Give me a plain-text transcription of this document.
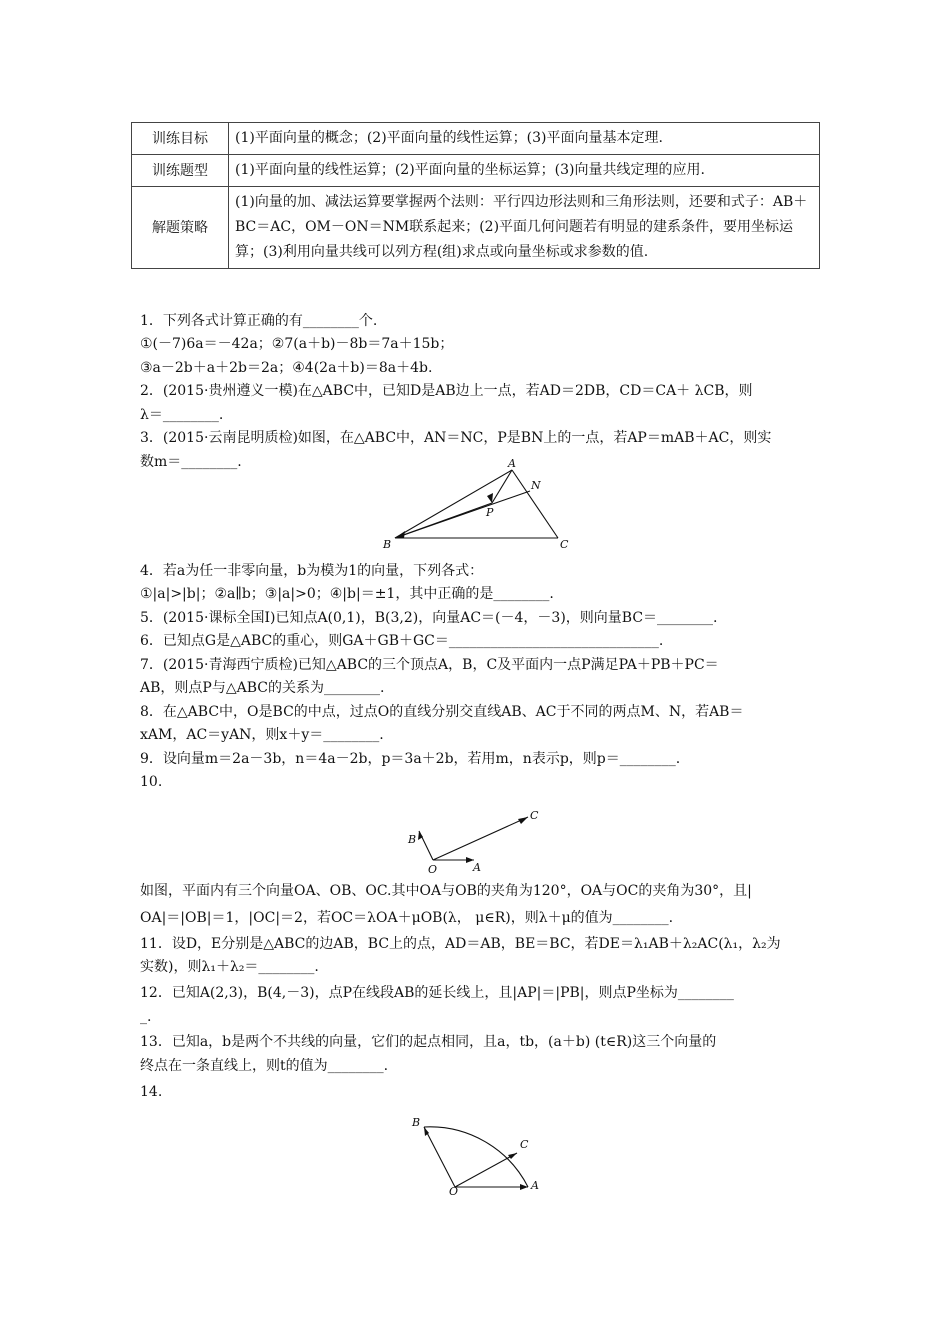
训练目标	(1)平面向量的概念；(2)平面向量的线性运算；(3)平面向量基本定理.
训练题型	(1)平面向量的线性运算；(2)平面向量的坐标运算；(3)向量共线定理的应用.
解题策略	(1)向量的加、减法运算要掌握两个法则：平行四边形法则和三角形法则，还要和式子：AB＋BC＝AC，OM－ON＝NM联系起来；(2)平面几何问题若有明显的建系条件，要用坐标运算；(3)利用向量共线可以列方程(组)求点或向量坐标或求参数的值.
1．下列各式计算正确的有________个.
①(－7)6a＝－42a；②7(a＋b)－8b＝7a＋15b；
③a－2b＋a＋2b＝2a；④4(2a＋b)＝8a＋4b.
2．(2015·贵州遵义一模)在△ABC中，已知D是AB边上一点，若AD＝2DB，CD＝CA＋ λCB，则
λ＝________.
3．(2015·云南昆明质检)如图，在△ABC中，AN＝NC，P是BN上的一点，若AP＝mAB＋AC，则实
数m＝________.	A
N
P
B	C
4．若a为任一非零向量，b为模为1的向量，下列各式：
①|a|>|b|；②a∥b；③|a|>0；④|b|＝±1，其中正确的是________.
5．(2015·课标全国Ⅰ)已知点A(0,1)，B(3,2)，向量AC＝(－4，－3)，则向量BC＝________.
6．已知点G是△ABC的重心，则GA＋GB＋GC＝______________________________.
7．(2015·青海西宁质检)已知△ABC的三个顶点A，B，C及平面内一点P满足PA＋PB＋PC＝
AB，则点P与△ABC的关系为________.
8．在△ABC中，O是BC的中点，过点O的直线分别交直线AB、AC于不同的两点M、N，若AB＝
xAM，AC＝yAN，则x＋y＝________.
9．设向量m＝2a－3b，n＝4a－2b，p＝3a＋2b，若用m，n表示p，则p＝________.
10.
C
B
O	A
如图，平面内有三个向量OA、OB、OC.其中OA与OB的夹角为120°，OA与OC的夹角为30°，且|
OA|＝|OB|＝1，|OC|＝2，若OC＝λOA＋μOB(λ， μ∈R)，则λ＋μ的值为________.
11．设D，E分别是△ABC的边AB，BC上的点，AD＝AB，BE＝BC，若DE＝λ₁AB＋λ₂AC(λ₁，λ₂为
实数)，则λ₁＋λ₂＝________.
12．已知A(2,3)，B(4,－3)，点P在线段AB的延长线上，且|AP|＝|PB|，则点P坐标为________
_.
13．已知a，b是两个不共线的向量，它们的起点相同，且a，tb，(a＋b) (t∈R)这三个向量的
终点在一条直线上，则t的值为________.
14.
B
C
O	A
